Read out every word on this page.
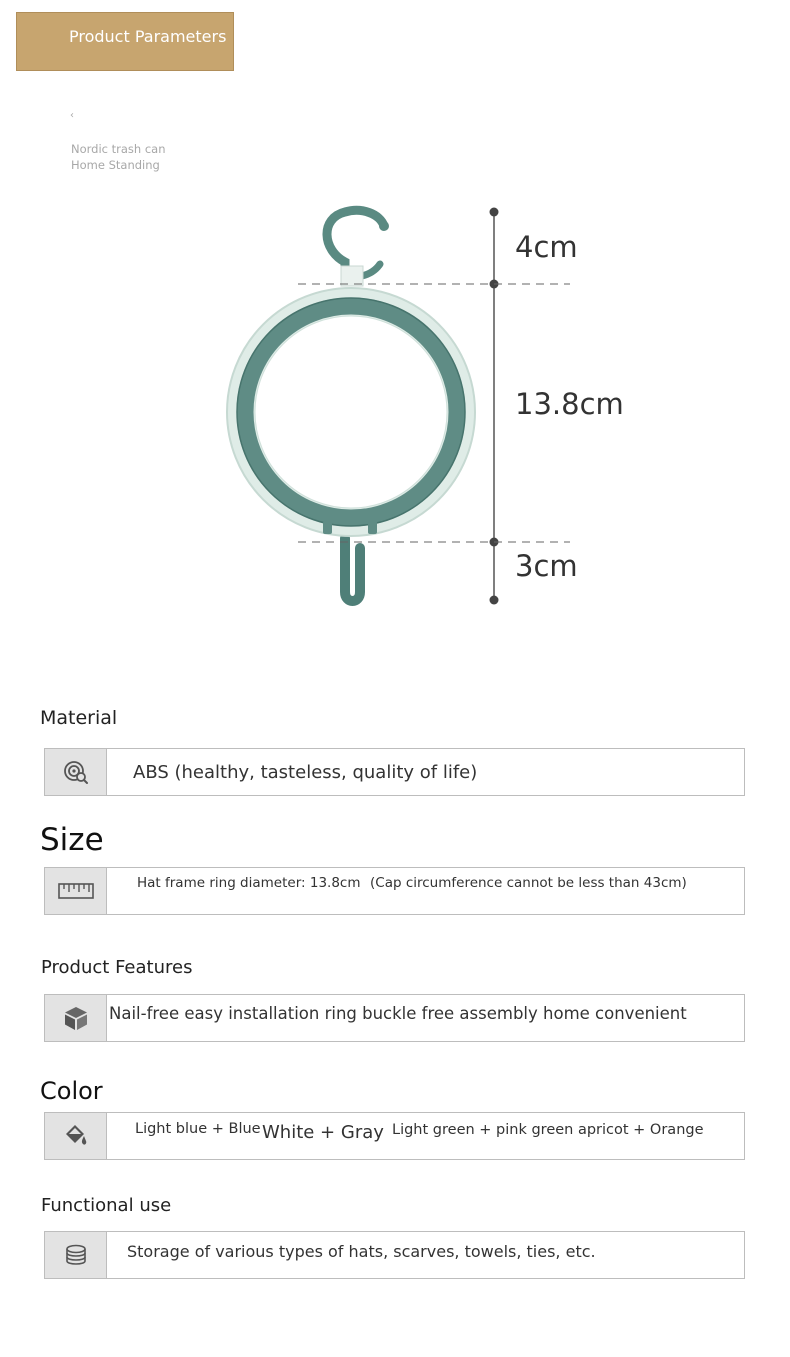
Product Parameters
‹
Nordic trash can
Home Standing
4cm
13.8cm
3cm
Material
ABS (healthy, tasteless, quality of life)
Size
Hat frame ring diameter: 13.8cm (Cap circumference cannot be less than 43cm)
Product Features
Nail-free easy installation ring buckle free assembly home convenient
Color
Light blue + Blue White + Gray Light green + pink green apricot + Orange
Functional use
Storage of various types of hats, scarves, towels, ties, etc.
